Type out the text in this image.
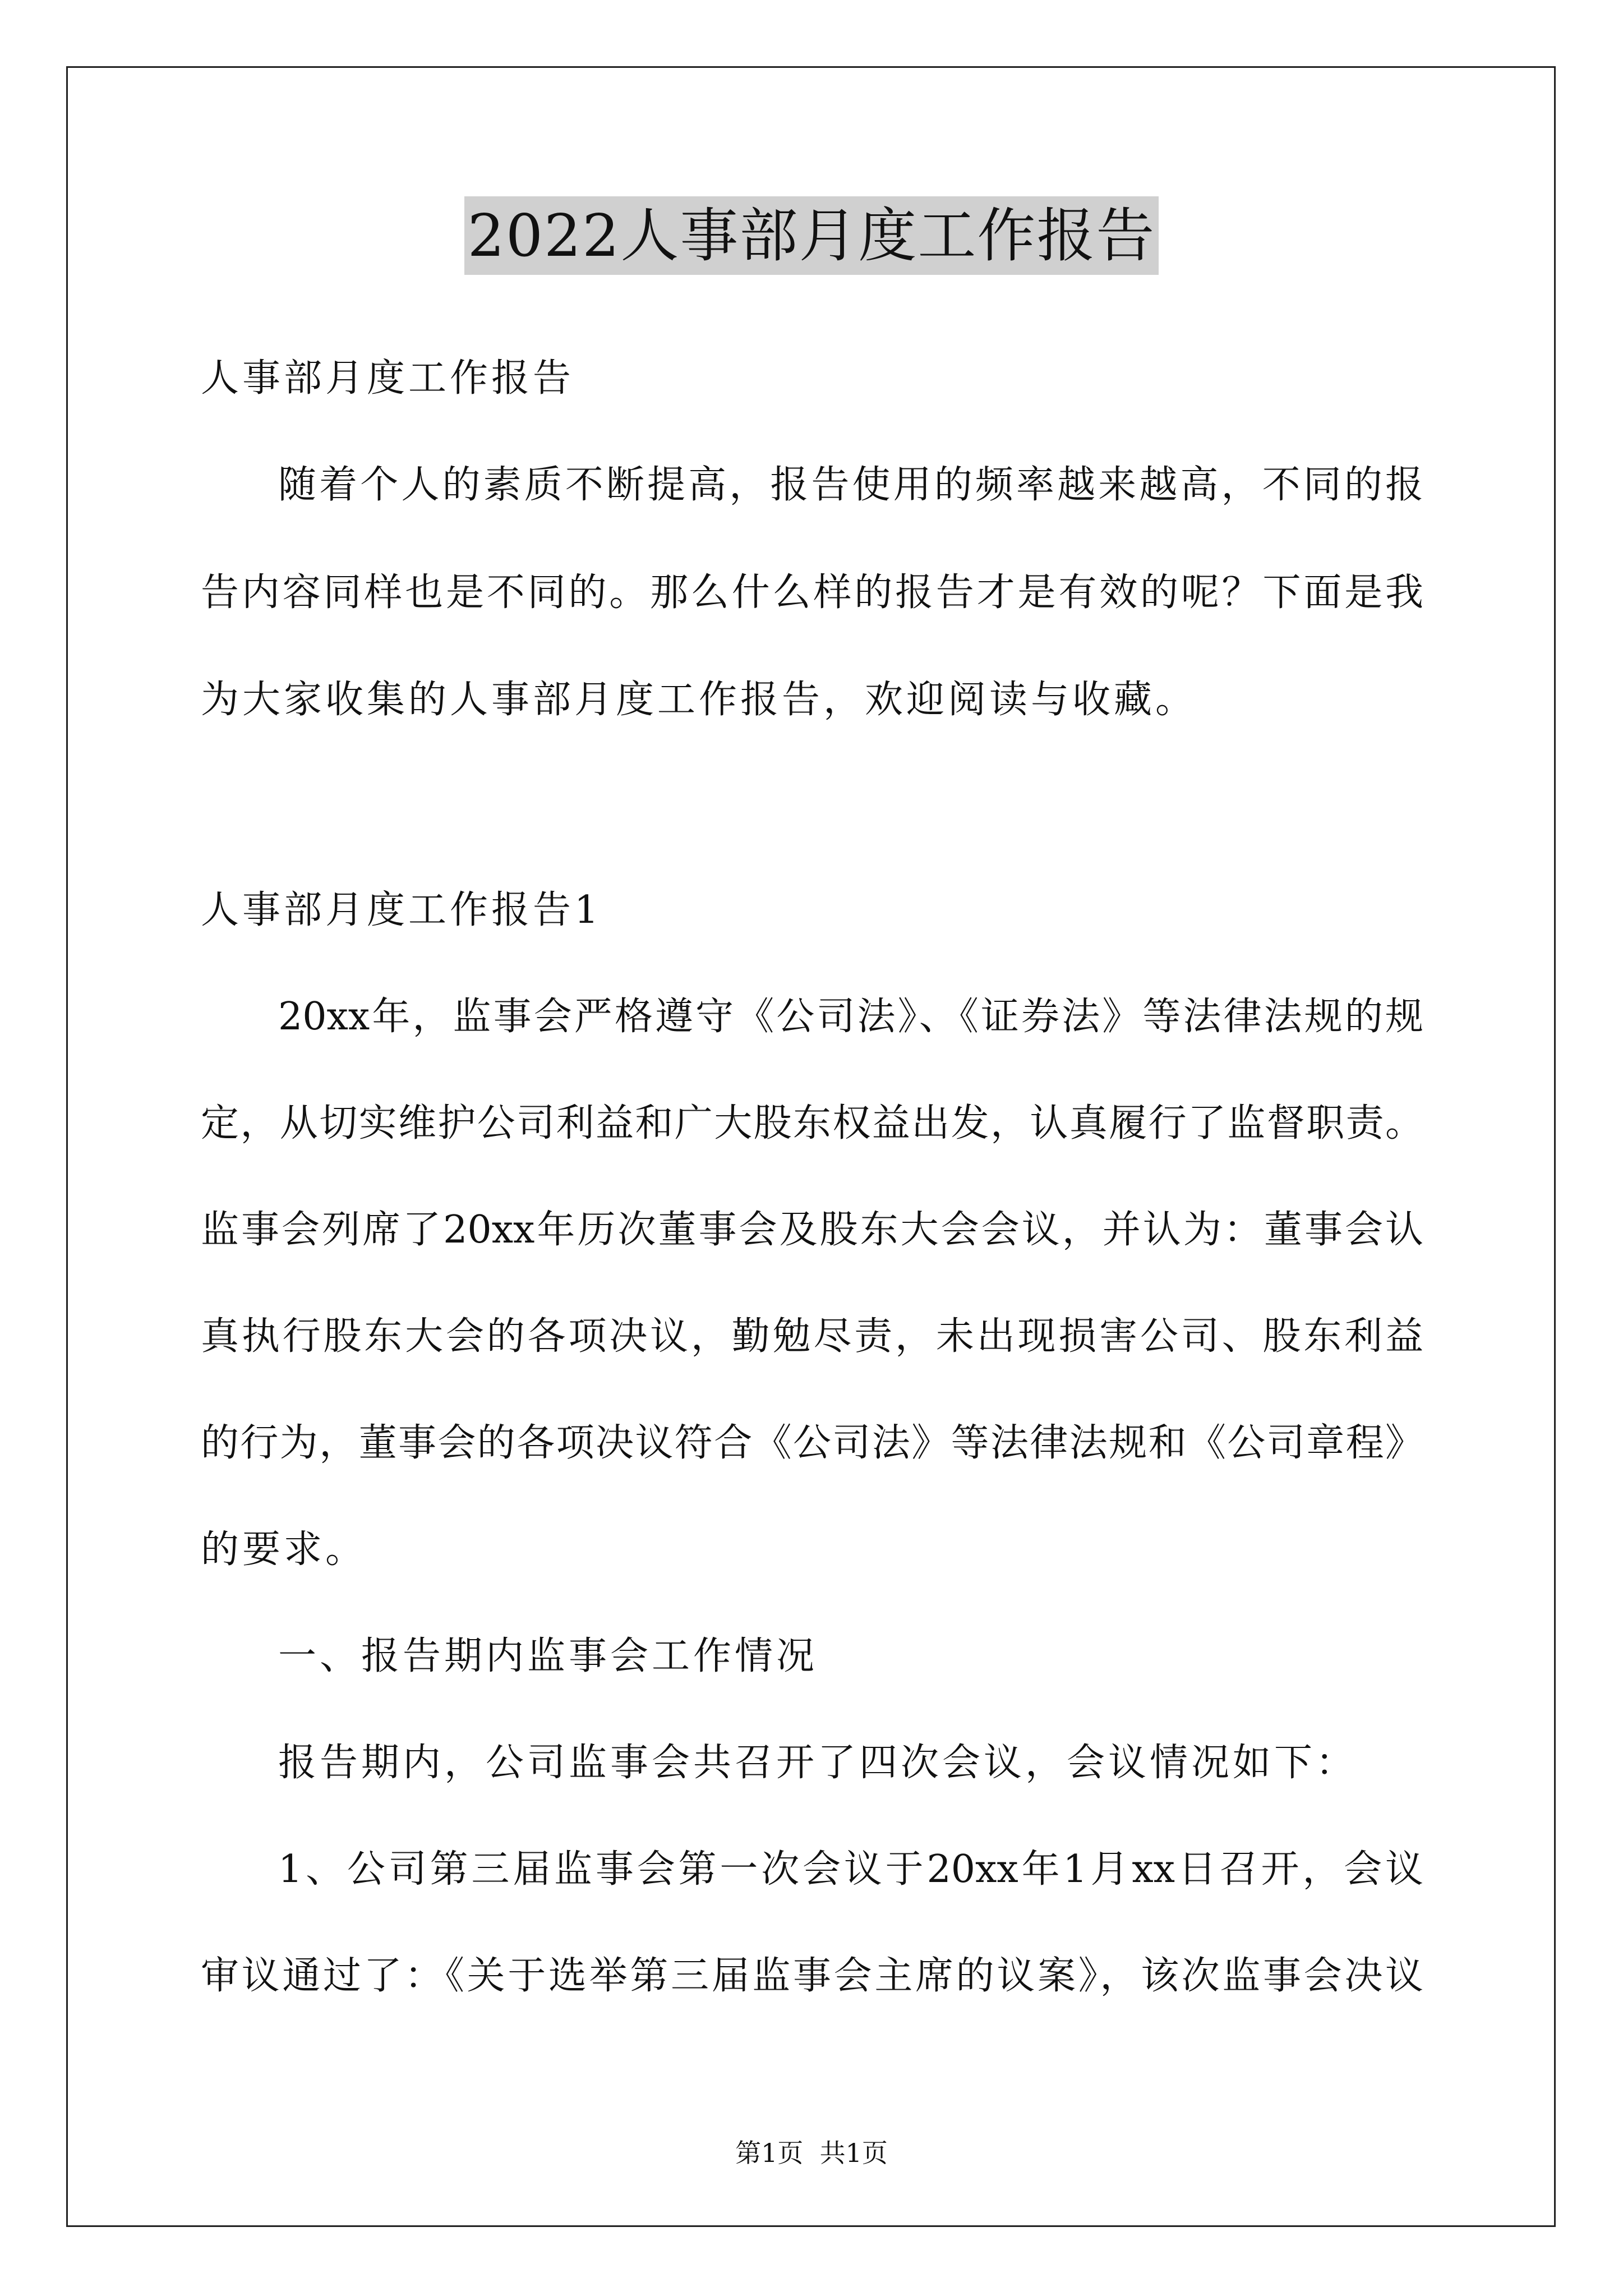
2022人事部月度工作报告
人事部月度工作报告
随着个人的素质不断提高，报告使用的频率越来越高，不同的报
告内容同样也是不同的。那么什么样的报告才是有效的呢？下面是我
为大家收集的人事部月度工作报告，欢迎阅读与收藏。
人事部月度工作报告1
20xx年，监事会严格遵守《公司法》、《证券法》等法律法规的规
定，从切实维护公司利益和广大股东权益出发，认真履行了监督职责。
监事会列席了20xx年历次董事会及股东大会会议，并认为：董事会认
真执行股东大会的各项决议，勤勉尽责，未出现损害公司、股东利益
的行为，董事会的各项决议符合《公司法》等法律法规和《公司章程》
的要求。
一、报告期内监事会工作情况
报告期内，公司监事会共召开了四次会议，会议情况如下：
1、公司第三届监事会第一次会议于20xx年1月xx日召开，会议
审议通过了：《关于选举第三届监事会主席的议案》，该次监事会决议
第1页  共1页
